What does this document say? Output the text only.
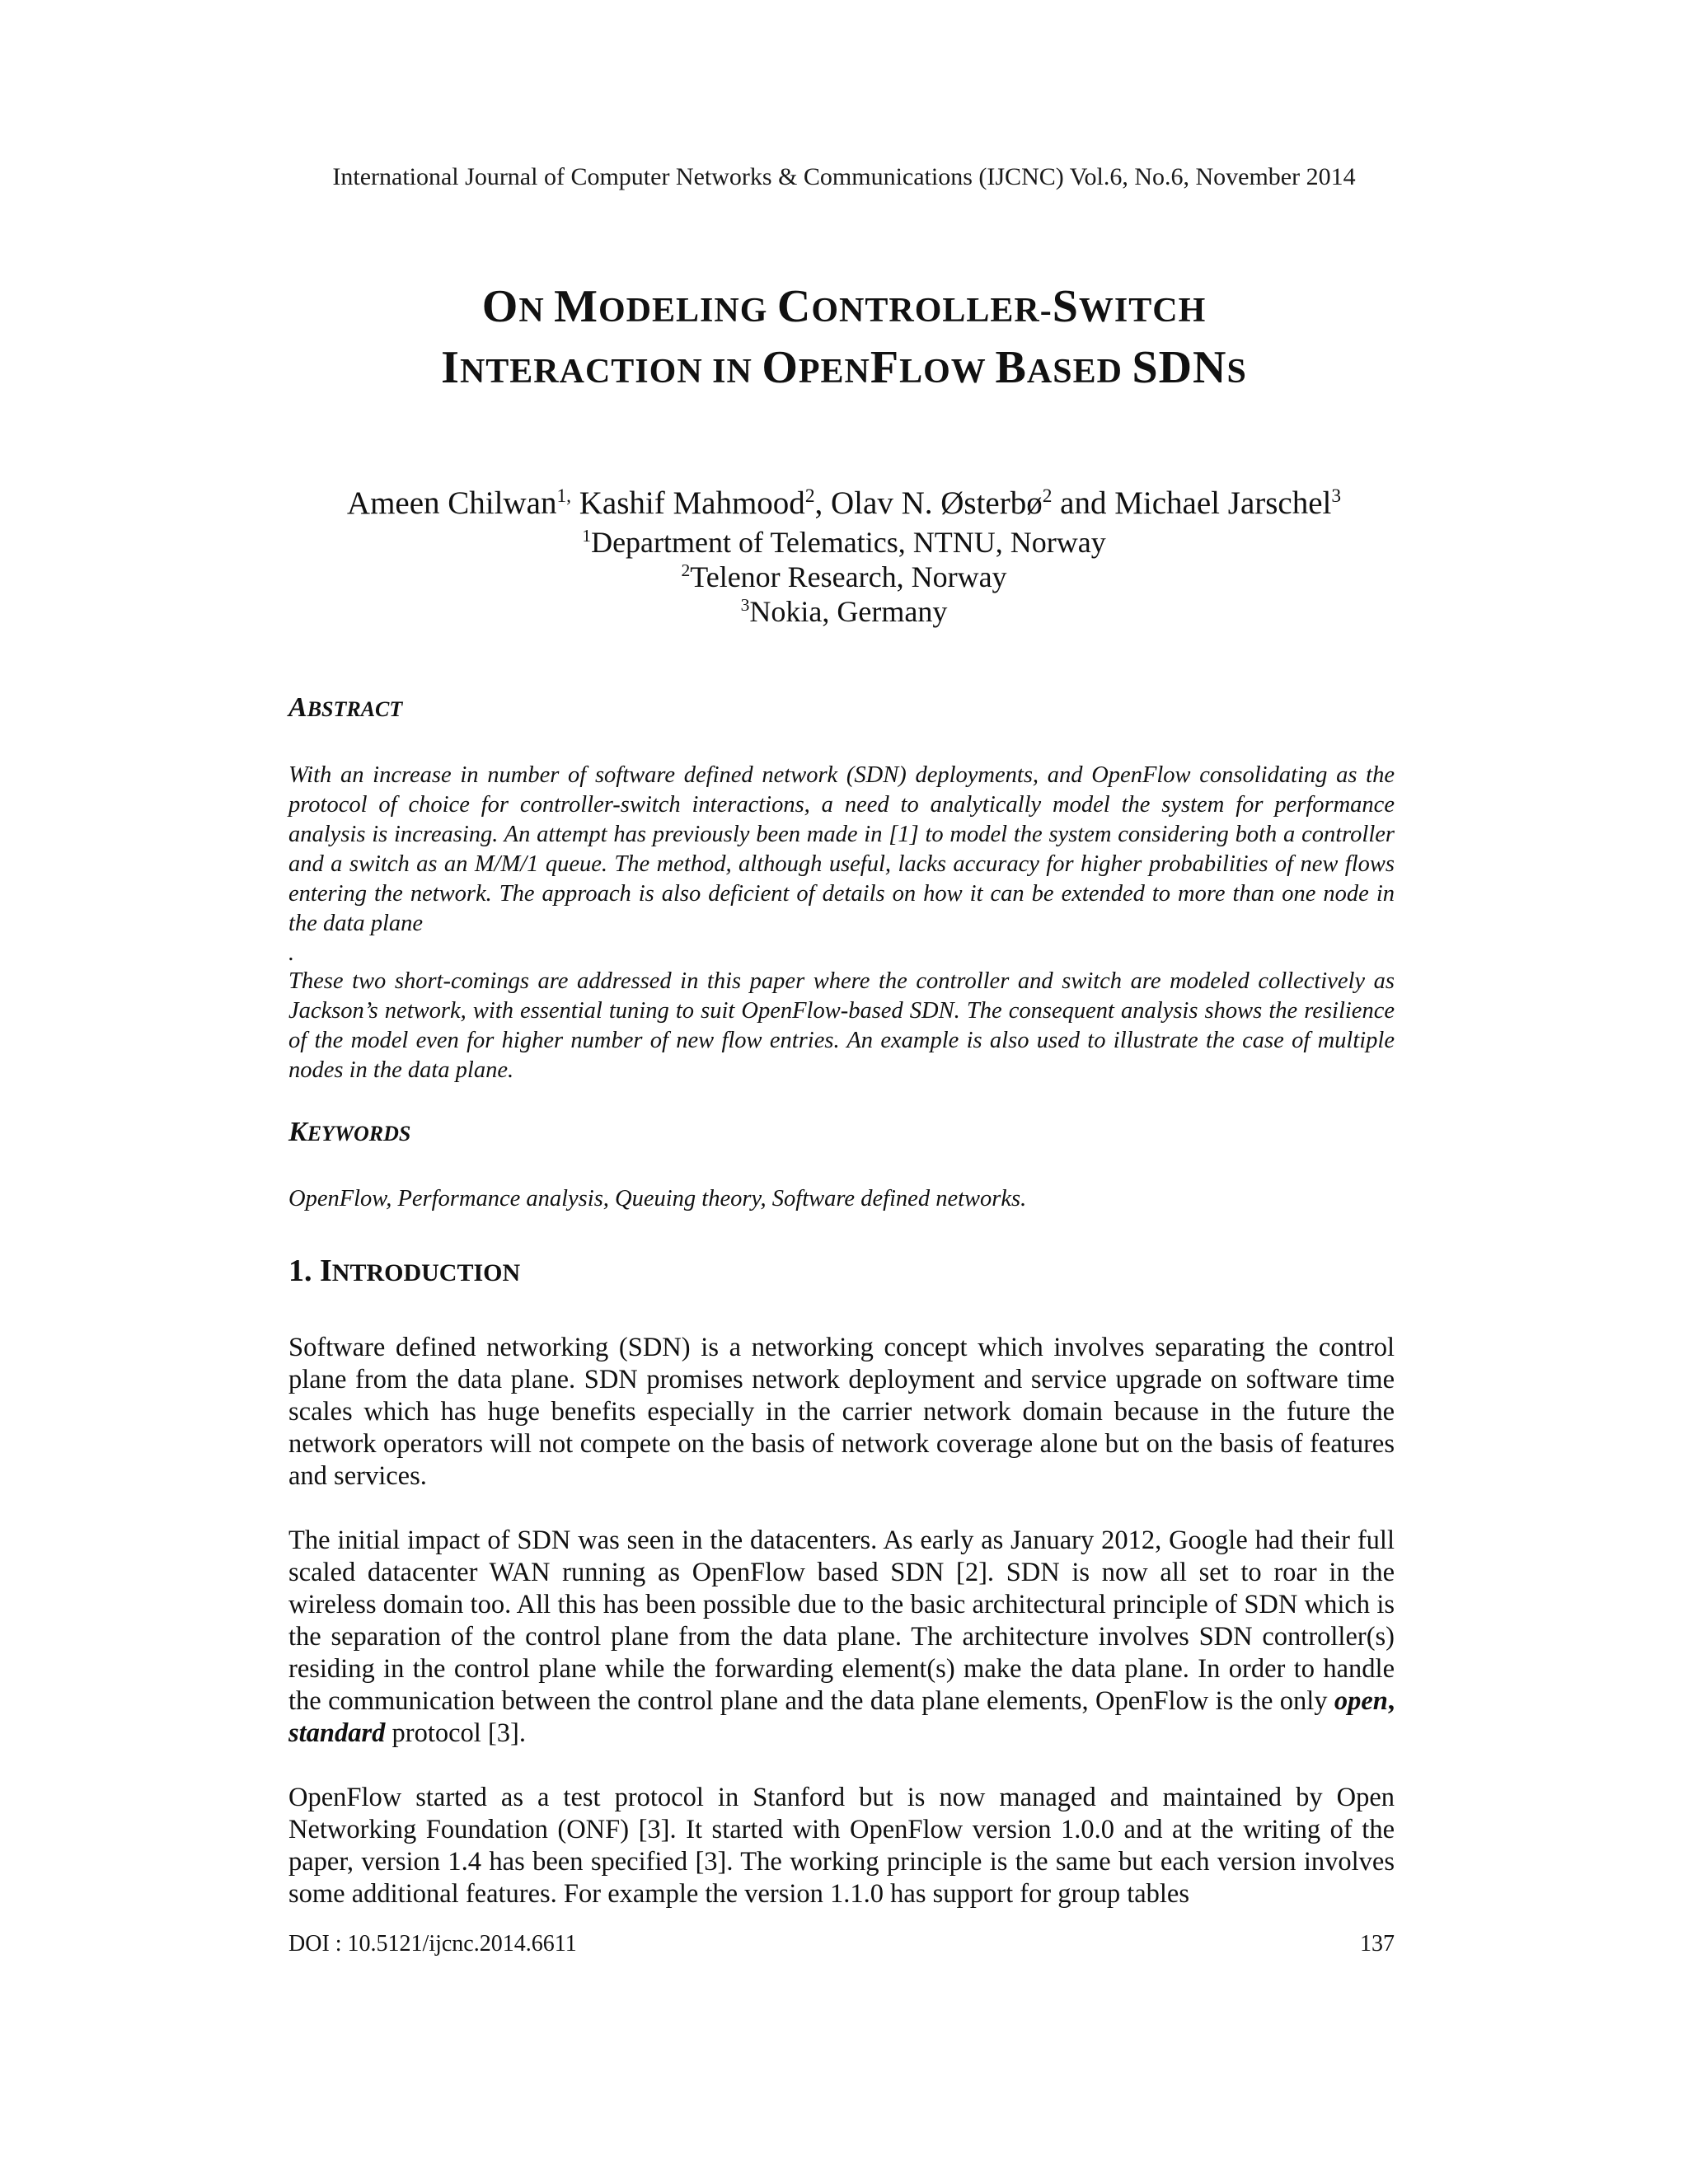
International Journal of Computer Networks & Communications (IJCNC) Vol.6, No.6, November 2014
ON MODELING CONTROLLER-SWITCH
INTERACTION IN OPENFLOW BASED SDNS
Ameen Chilwan$^{1,}$ Kashif Mahmood$^2$, Olav N. Østerbø$^2$ and Michael Jarschel$^3$
$^1$Department of Telematics, NTNU, Norway
$^2$Telenor Research, Norway
$^3$Nokia, Germany
ABSTRACT
With an increase in number of software defined network (SDN) deployments, and OpenFlow consolidating as the protocol of choice for controller-switch interactions, a need to analytically model the system for performance analysis is increasing. An attempt has previously been made in [1] to model the system considering both a controller and a switch as an M/M/1 queue. The method, although useful, lacks accuracy for higher probabilities of new flows entering the network. The approach is also deficient of details on how it can be extended to more than one node in the data plane
.
These two short-comings are addressed in this paper where the controller and switch are modeled collectively as Jackson’s network, with essential tuning to suit OpenFlow-based SDN. The consequent analysis shows the resilience of the model even for higher number of new flow entries. An example is also used to illustrate the case of multiple nodes in the data plane.
KEYWORDS
OpenFlow, Performance analysis, Queuing theory, Software defined networks.
1. INTRODUCTION
Software defined networking (SDN) is a networking concept which involves separating the control plane from the data plane. SDN promises network deployment and service upgrade on software time scales which has huge benefits especially in the carrier network domain because in the future the network operators will not compete on the basis of network coverage alone but on the basis of features and services.
The initial impact of SDN was seen in the datacenters. As early as January 2012, Google had their full scaled datacenter WAN running as OpenFlow based SDN [2]. SDN is now all set to roar in the wireless domain too. All this has been possible due to the basic architectural principle of SDN which is the separation of the control plane from the data plane. The architecture involves SDN controller(s) residing in the control plane while the forwarding element(s) make the data plane. In order to handle the communication between the control plane and the data plane elements, OpenFlow is the only open, standard protocol [3].
OpenFlow started as a test protocol in Stanford but is now managed and maintained by Open Networking Foundation (ONF) [3]. It started with OpenFlow version 1.0.0 and at the writing of the paper, version 1.4 has been specified [3]. The working principle is the same but each version involves some additional features. For example the version 1.1.0 has support for group tables
DOI : 10.5121/ijcnc.2014.6611	137
